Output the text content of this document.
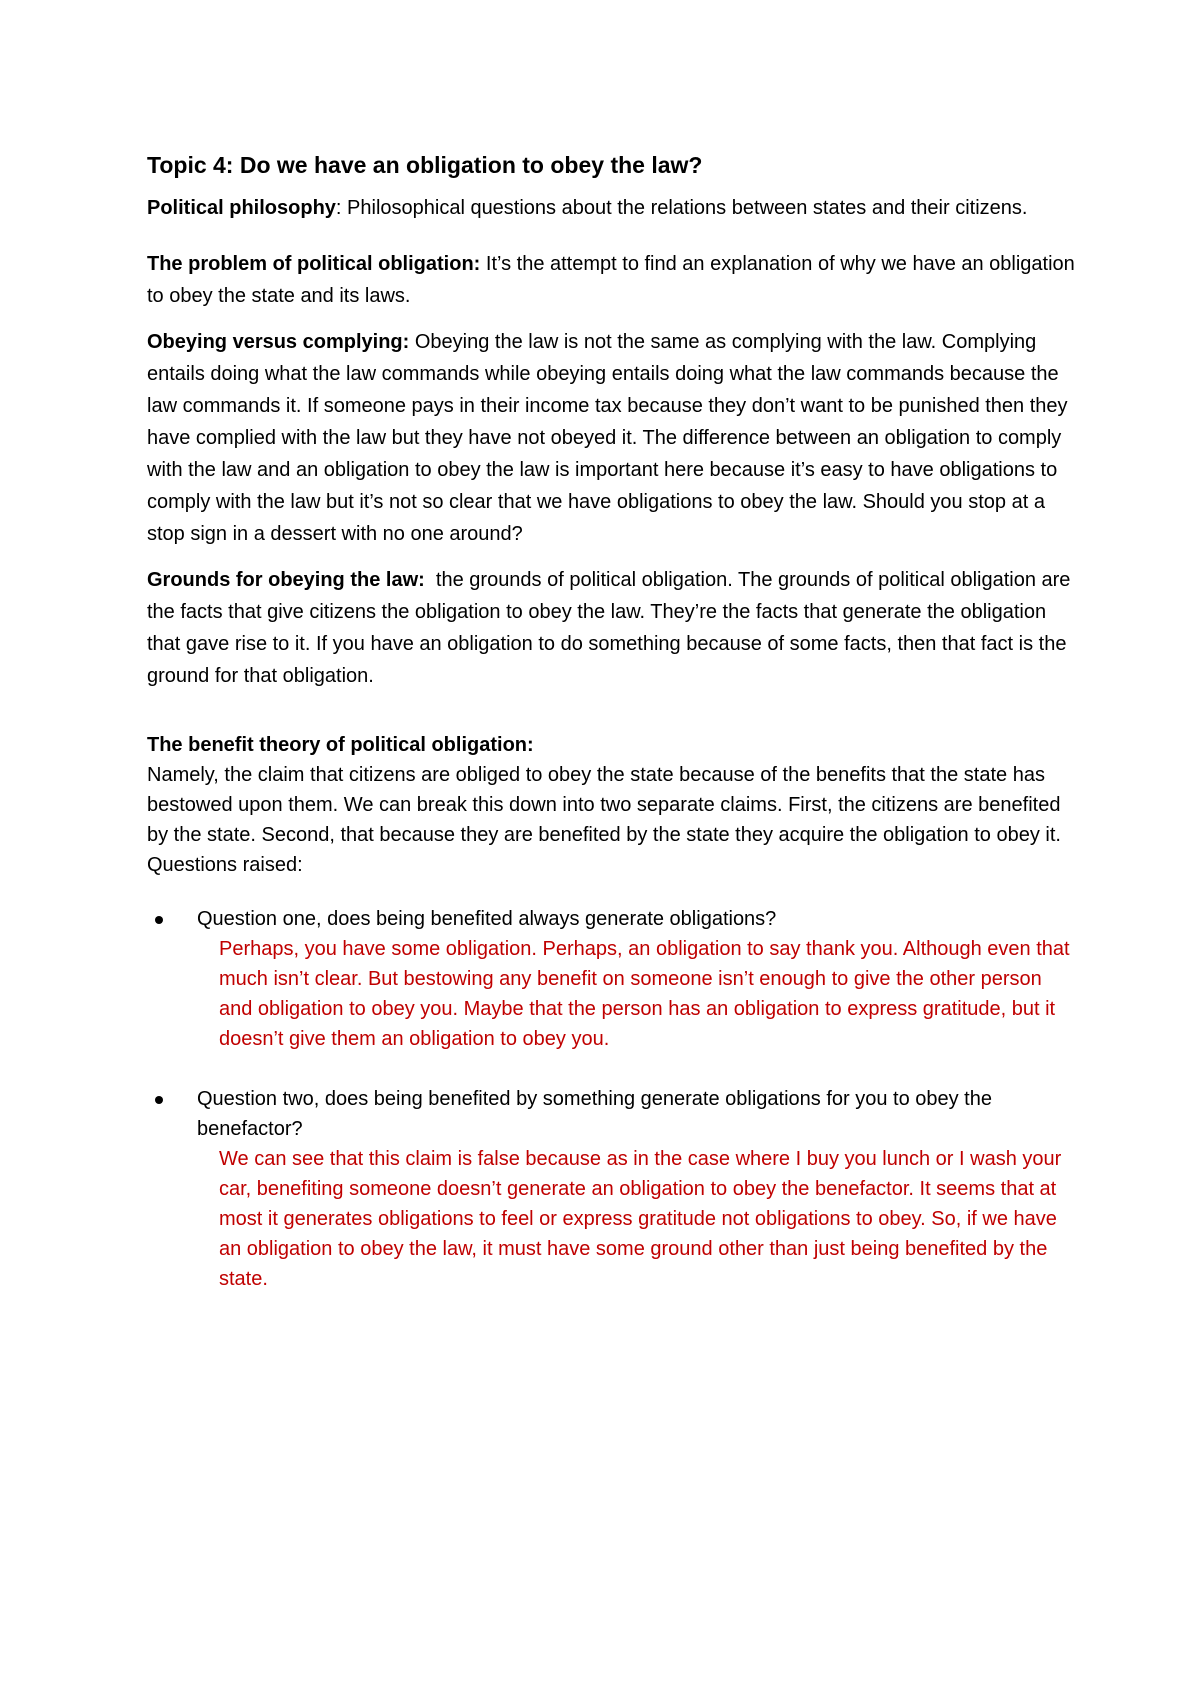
Topic 4: Do we have an obligation to obey the law?

Political philosophy: Philosophical questions about the relations between states and their citizens.

The problem of political obligation: It’s the attempt to find an explanation of why we have an obligation to obey the state and its laws.

Obeying versus complying: Obeying the law is not the same as complying with the law. Complying entails doing what the law commands while obeying entails doing what the law commands because the law commands it. If someone pays in their income tax because they don’t want to be punished then they have complied with the law but they have not obeyed it. The difference between an obligation to comply with the law and an obligation to obey the law is important here because it’s easy to have obligations to comply with the law but it’s not so clear that we have obligations to obey the law. Should you stop at a stop sign in a dessert with no one around?

Grounds for obeying the law: the grounds of political obligation. The grounds of political obligation are the facts that give citizens the obligation to obey the law. They’re the facts that generate the obligation that gave rise to it. If you have an obligation to do something because of some facts, then that fact is the ground for that obligation.

The benefit theory of political obligation:
Namely, the claim that citizens are obliged to obey the state because of the benefits that the state has bestowed upon them. We can break this down into two separate claims. First, the citizens are benefited by the state. Second, that because they are benefited by the state they acquire the obligation to obey it. Questions raised:
Question one, does being benefited always generate obligations?
Perhaps, you have some obligation. Perhaps, an obligation to say thank you. Although even that much isn’t clear. But bestowing any benefit on someone isn’t enough to give the other person and obligation to obey you. Maybe that the person has an obligation to express gratitude, but it doesn’t give them an obligation to obey you.
Question two, does being benefited by something generate obligations for you to obey the benefactor?
We can see that this claim is false because as in the case where I buy you lunch or I wash your car, benefiting someone doesn’t generate an obligation to obey the benefactor. It seems that at most it generates obligations to feel or express gratitude not obligations to obey. So, if we have an obligation to obey the law, it must have some ground other than just being benefited by the state.
